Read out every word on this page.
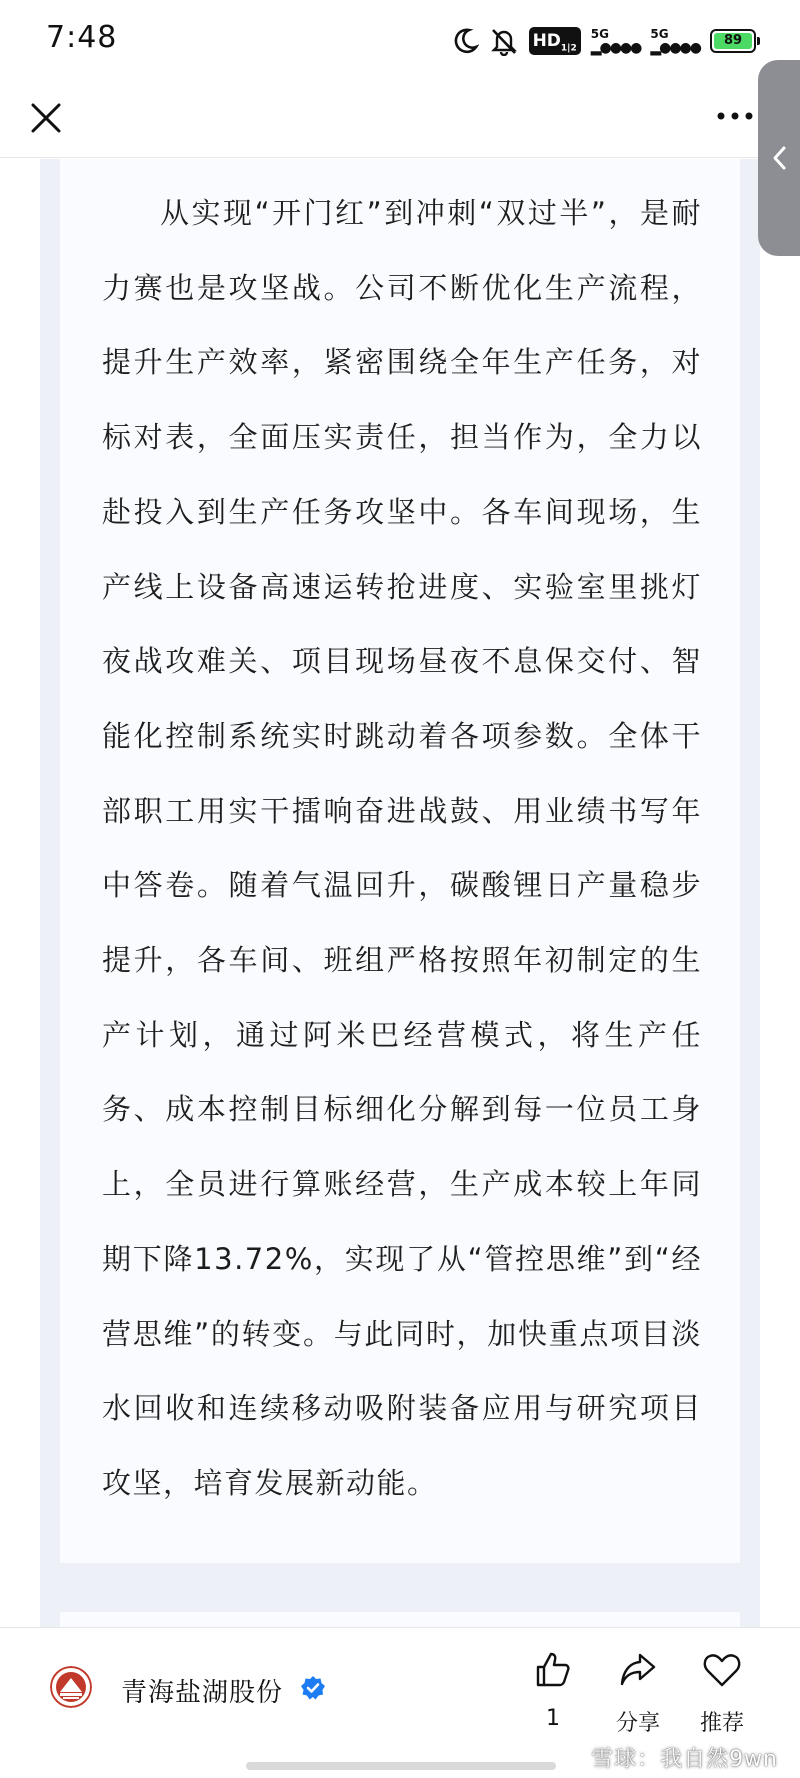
7:48	$HD_{1|2}$
5G
▂●●●●
5G
▂●●●●	89

从实现“开门红”到冲刺“双过半”，是耐力赛也是攻坚战。公司不断优化生产流程，提升生产效率，紧密围绕全年生产任务，对标对表，全面压实责任，担当作为，全力以赴投入到生产任务攻坚中。各车间现场，生产线上设备高速运转抢进度、实验室里挑灯夜战攻难关、项目现场昼夜不息保交付、智能化控制系统实时跳动着各项参数。全体干部职工用实干擂响奋进战鼓、用业绩书写年中答卷。随着气温回升，碳酸锂日产量稳步提升，各车间、班组严格按照年初制定的生产计划，通过阿米巴经营模式，将生产任务、成本控制目标细化分解到每一位员工身上，全员进行算账经营，生产成本较上年同期下降13.72%，实现了从“管控思维”到“经营思维”的转变。与此同时，加快重点项目淡水回收和连续移动吸附装备应用与研究项目攻坚，培育发展新动能。

青海盐湖股份
1	分享	推荐
雪球：我自然9wn
